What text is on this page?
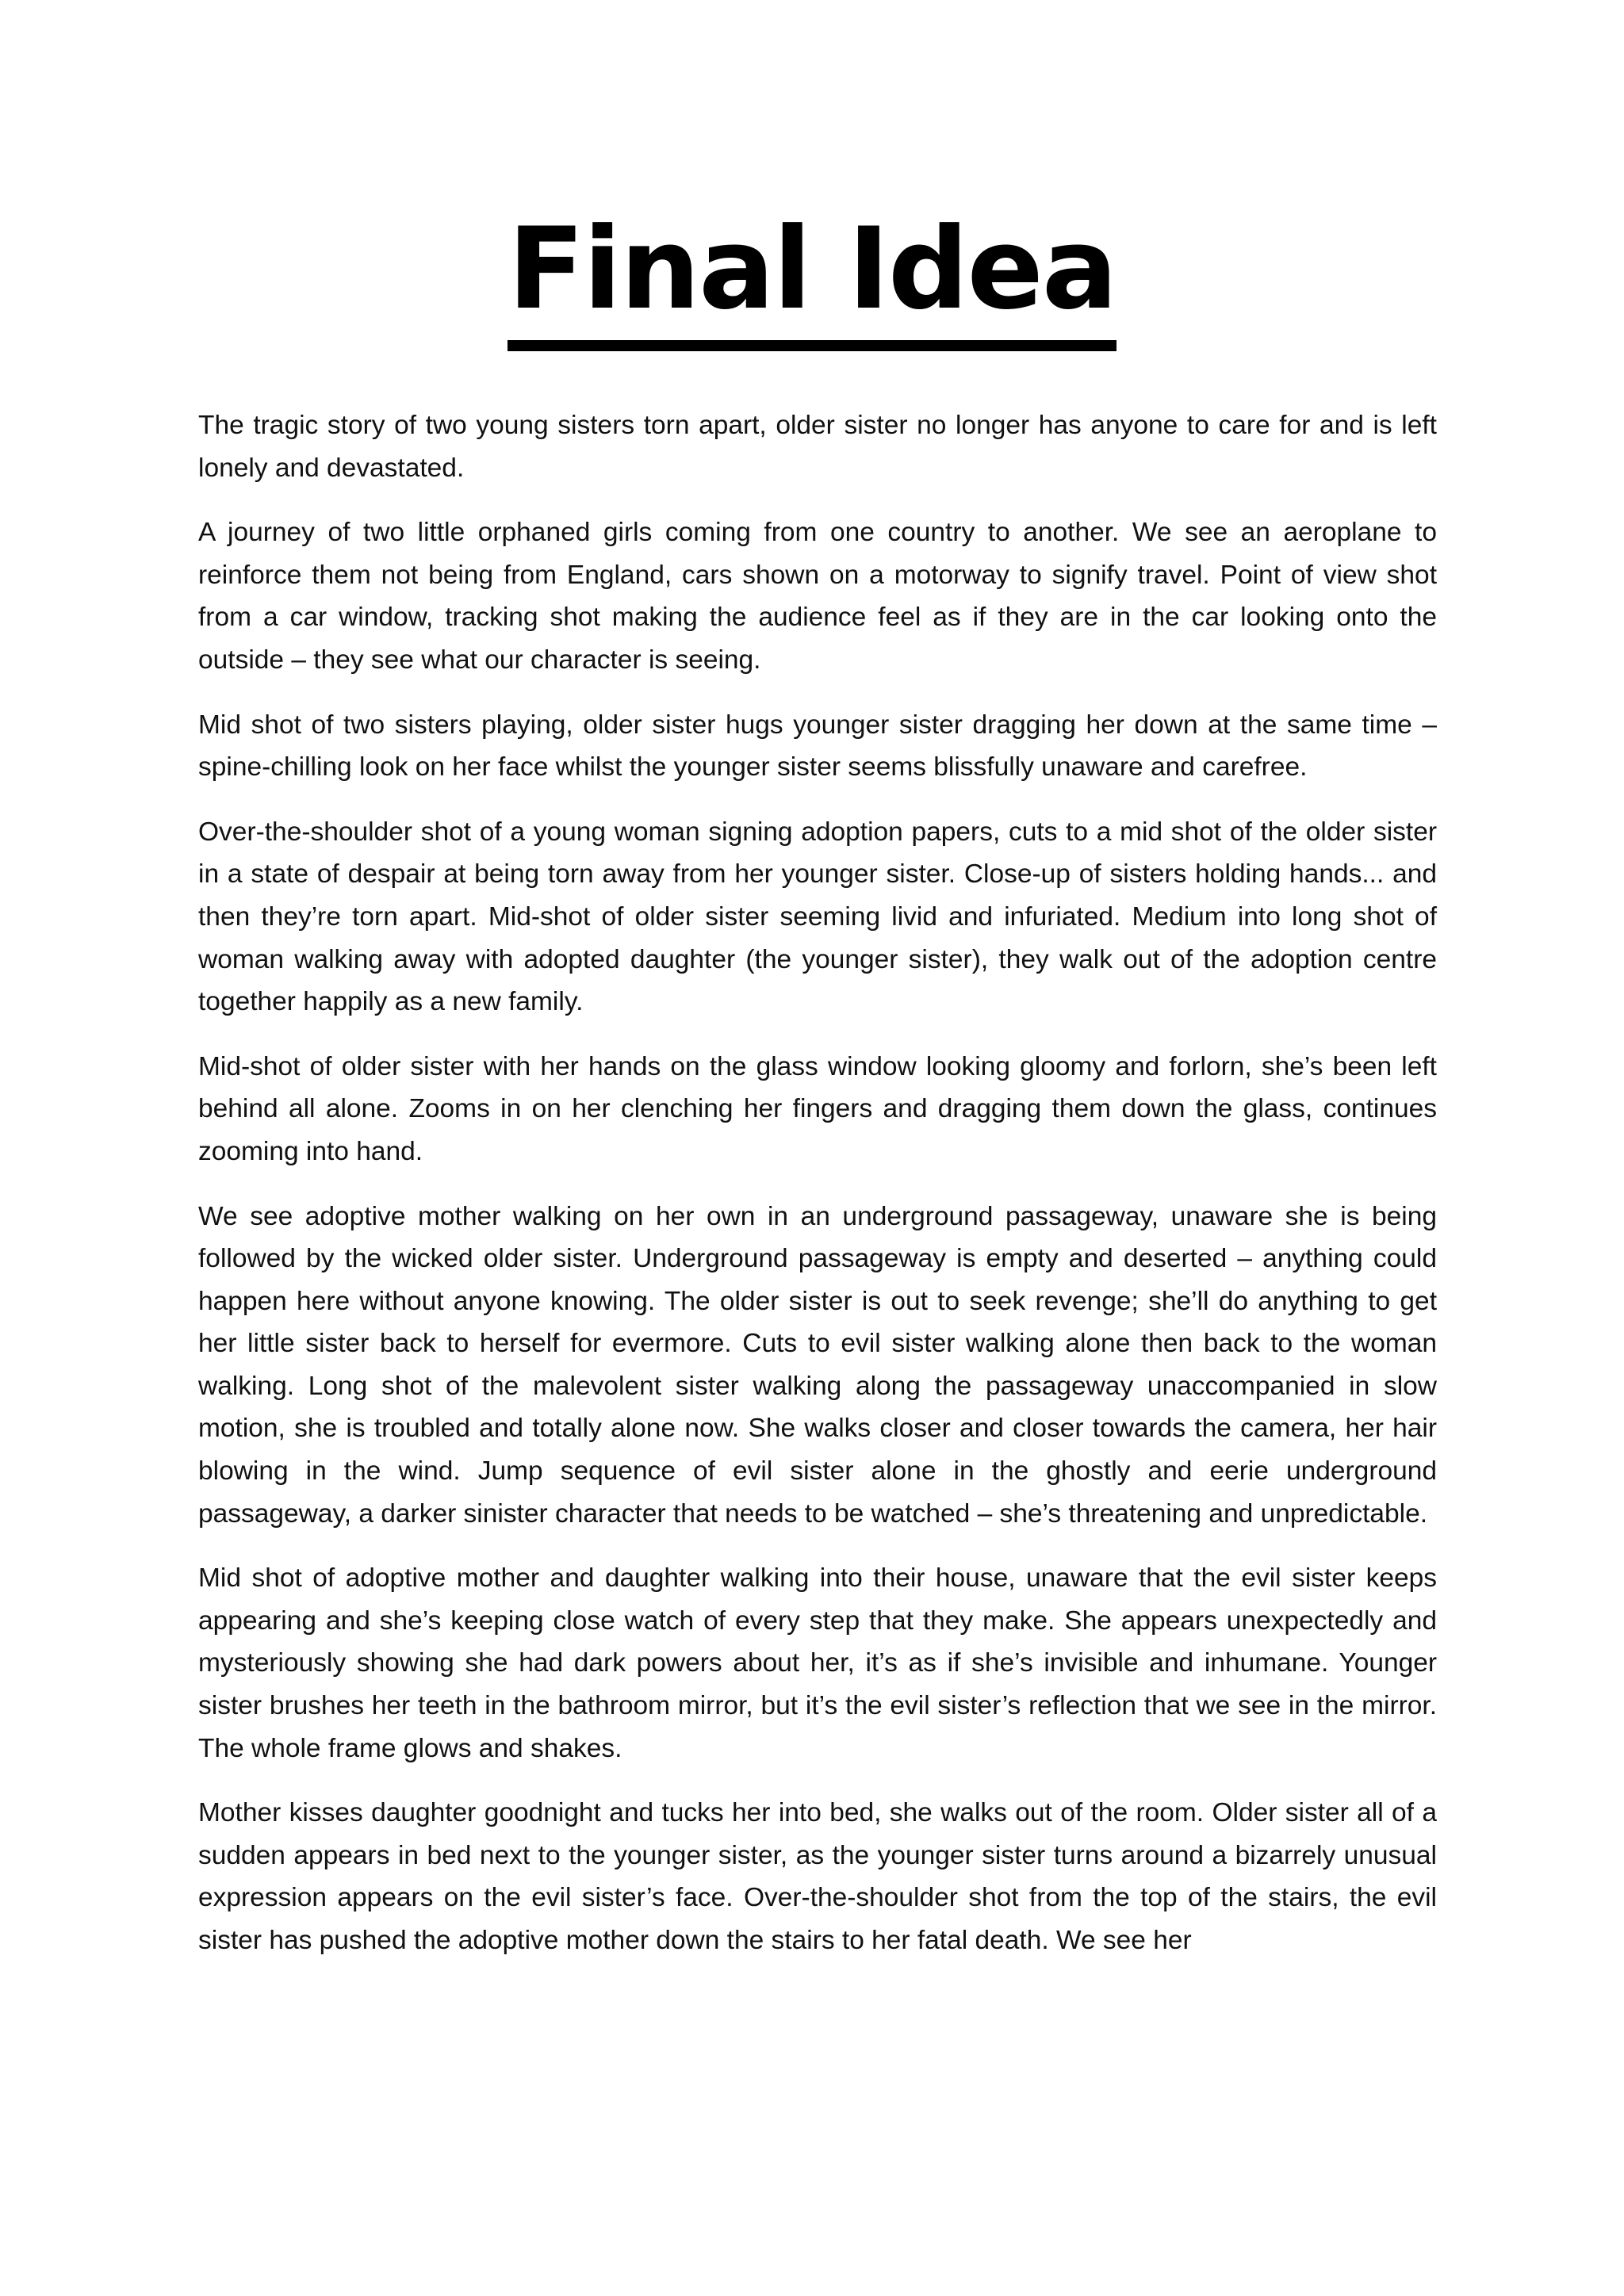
Final Idea

The tragic story of two young sisters torn apart, older sister no longer has anyone to care for and is left lonely and devastated.

A journey of two little orphaned girls coming from one country to another. We see an aeroplane to reinforce them not being from England, cars shown on a motorway to signify travel. Point of view shot from a car window, tracking shot making the audience feel as if they are in the car looking onto the outside – they see what our character is seeing.

Mid shot of two sisters playing, older sister hugs younger sister dragging her down at the same time – spine-chilling look on her face whilst the younger sister seems blissfully unaware and carefree.

Over-the-shoulder shot of a young woman signing adoption papers, cuts to a mid shot of the older sister in a state of despair at being torn away from her younger sister. Close-up of sisters holding hands... and then they’re torn apart. Mid-shot of older sister seeming livid and infuriated. Medium into long shot of woman walking away with adopted daughter (the younger sister), they walk out of the adoption centre together happily as a new family.

Mid-shot of older sister with her hands on the glass window looking gloomy and forlorn, she’s been left behind all alone. Zooms in on her clenching her fingers and dragging them down the glass, continues zooming into hand.

We see adoptive mother walking on her own in an underground passageway, unaware she is being followed by the wicked older sister. Underground passageway is empty and deserted – anything could happen here without anyone knowing. The older sister is out to seek revenge; she’ll do anything to get her little sister back to herself for evermore. Cuts to evil sister walking alone then back to the woman walking. Long shot of the malevolent sister walking along the passageway unaccompanied in slow motion, she is troubled and totally alone now. She walks closer and closer towards the camera, her hair blowing in the wind. Jump sequence of evil sister alone in the ghostly and eerie underground passageway, a darker sinister character that needs to be watched – she’s threatening and unpredictable.

Mid shot of adoptive mother and daughter walking into their house, unaware that the evil sister keeps appearing and she’s keeping close watch of every step that they make. She appears unexpectedly and mysteriously showing she had dark powers about her, it’s as if she’s invisible and inhumane. Younger sister brushes her teeth in the bathroom mirror, but it’s the evil sister’s reflection that we see in the mirror. The whole frame glows and shakes.

Mother kisses daughter goodnight and tucks her into bed, she walks out of the room. Older sister all of a sudden appears in bed next to the younger sister, as the younger sister turns around a bizarrely unusual expression appears on the evil sister’s face. Over-the-shoulder shot from the top of the stairs, the evil sister has pushed the adoptive mother down the stairs to her fatal death. We see her
